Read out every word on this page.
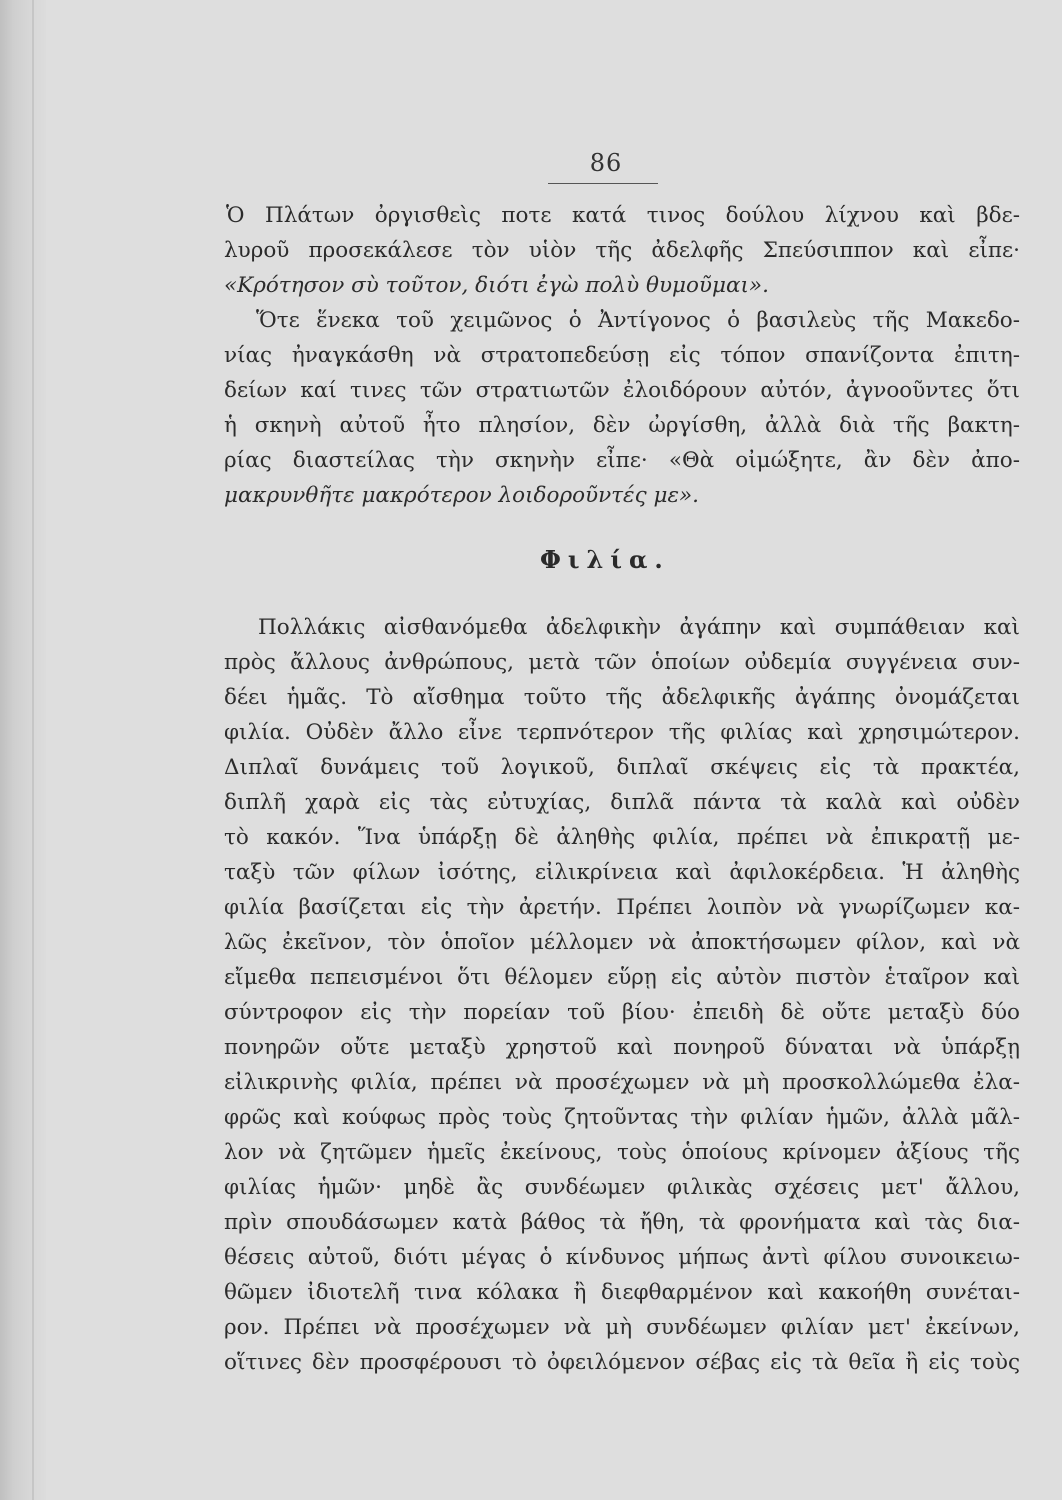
86
Ὁ Πλάτων ὀργισθεὶς ποτε κατά τινος δούλου λίχνου καὶ βδε-
λυροῦ προσεκάλεσε τὸν υἱὸν τῆς ἀδελφῆς Σπεύσιππον καὶ εἶπε·
«Κρότησον σὺ τοῦτον, διότι ἐγὼ πολὺ θυμοῦμαι».
Ὅτε ἕνεκα τοῦ χειμῶνος ὁ Ἀντίγονος ὁ βασιλεὺς τῆς Μακεδο-
νίας ἠναγκάσθη νὰ στρατοπεδεύσῃ εἰς τόπον σπανίζοντα ἐπιτη-
δείων καί τινες τῶν στρατιωτῶν ἐλοιδόρουν αὐτόν, ἀγνοοῦντες ὅτι
ἡ σκηνὴ αὐτοῦ ἦτο πλησίον, δὲν ὠργίσθη, ἀλλὰ διὰ τῆς βακτη-
ρίας διαστείλας τὴν σκηνὴν εἶπε· «Θὰ οἰμώξητε, ἂν δὲν ἀπο-
μακρυνθῆτε μακρότερον λοιδοροῦντές με».
Φιλία.
Πολλάκις αἰσθανόμεθα ἀδελφικὴν ἀγάπην καὶ συμπάθειαν καὶ
πρὸς ἄλλους ἀνθρώπους, μετὰ τῶν ὁποίων οὐδεμία συγγένεια συν-
δέει ἡμᾶς. Τὸ αἴσθημα τοῦτο τῆς ἀδελφικῆς ἀγάπης ὀνομάζεται
φιλία. Οὐδὲν ἄλλο εἶνε τερπνότερον τῆς φιλίας καὶ χρησιμώτερον.
Διπλαῖ δυνάμεις τοῦ λογικοῦ, διπλαῖ σκέψεις εἰς τὰ πρακτέα,
διπλῆ χαρὰ εἰς τὰς εὐτυχίας, διπλᾶ πάντα τὰ καλὰ καὶ οὐδὲν
τὸ κακόν. Ἵνα ὑπάρξῃ δὲ ἀληθὴς φιλία, πρέπει νὰ ἐπικρατῇ με-
ταξὺ τῶν φίλων ἰσότης, εἰλικρίνεια καὶ ἀφιλοκέρδεια. Ἡ ἀληθὴς
φιλία βασίζεται εἰς τὴν ἀρετήν. Πρέπει λοιπὸν νὰ γνωρίζωμεν κα-
λῶς ἐκεῖνον, τὸν ὁποῖον μέλλομεν νὰ ἀποκτήσωμεν φίλον, καὶ νὰ
εἴμεθα πεπεισμένοι ὅτι θέλομεν εὕρῃ εἰς αὐτὸν πιστὸν ἑταῖρον καὶ
σύντροφον εἰς τὴν πορείαν τοῦ βίου· ἐπειδὴ δὲ οὔτε μεταξὺ δύο
πονηρῶν οὔτε μεταξὺ χρηστοῦ καὶ πονηροῦ δύναται νὰ ὑπάρξῃ
εἰλικρινὴς φιλία, πρέπει νὰ προσέχωμεν νὰ μὴ προσκολλώμεθα ἐλα-
φρῶς καὶ κούφως πρὸς τοὺς ζητοῦντας τὴν φιλίαν ἡμῶν, ἀλλὰ μᾶλ-
λον νὰ ζητῶμεν ἡμεῖς ἐκείνους, τοὺς ὁποίους κρίνομεν ἀξίους τῆς
φιλίας ἡμῶν· μηδὲ ἂς συνδέωμεν φιλικὰς σχέσεις μετ' ἄλλου,
πρὶν σπουδάσωμεν κατὰ βάθος τὰ ἤθη, τὰ φρονήματα καὶ τὰς δια-
θέσεις αὐτοῦ, διότι μέγας ὁ κίνδυνος μήπως ἀντὶ φίλου συνοικειω-
θῶμεν ἰδιοτελῆ τινα κόλακα ἢ διεφθαρμένον καὶ κακοήθη συνέται-
ρον. Πρέπει νὰ προσέχωμεν νὰ μὴ συνδέωμεν φιλίαν μετ' ἐκείνων,
οἵτινες δὲν προσφέρουσι τὸ ὀφειλόμενον σέβας εἰς τὰ θεῖα ἢ εἰς τοὺς
